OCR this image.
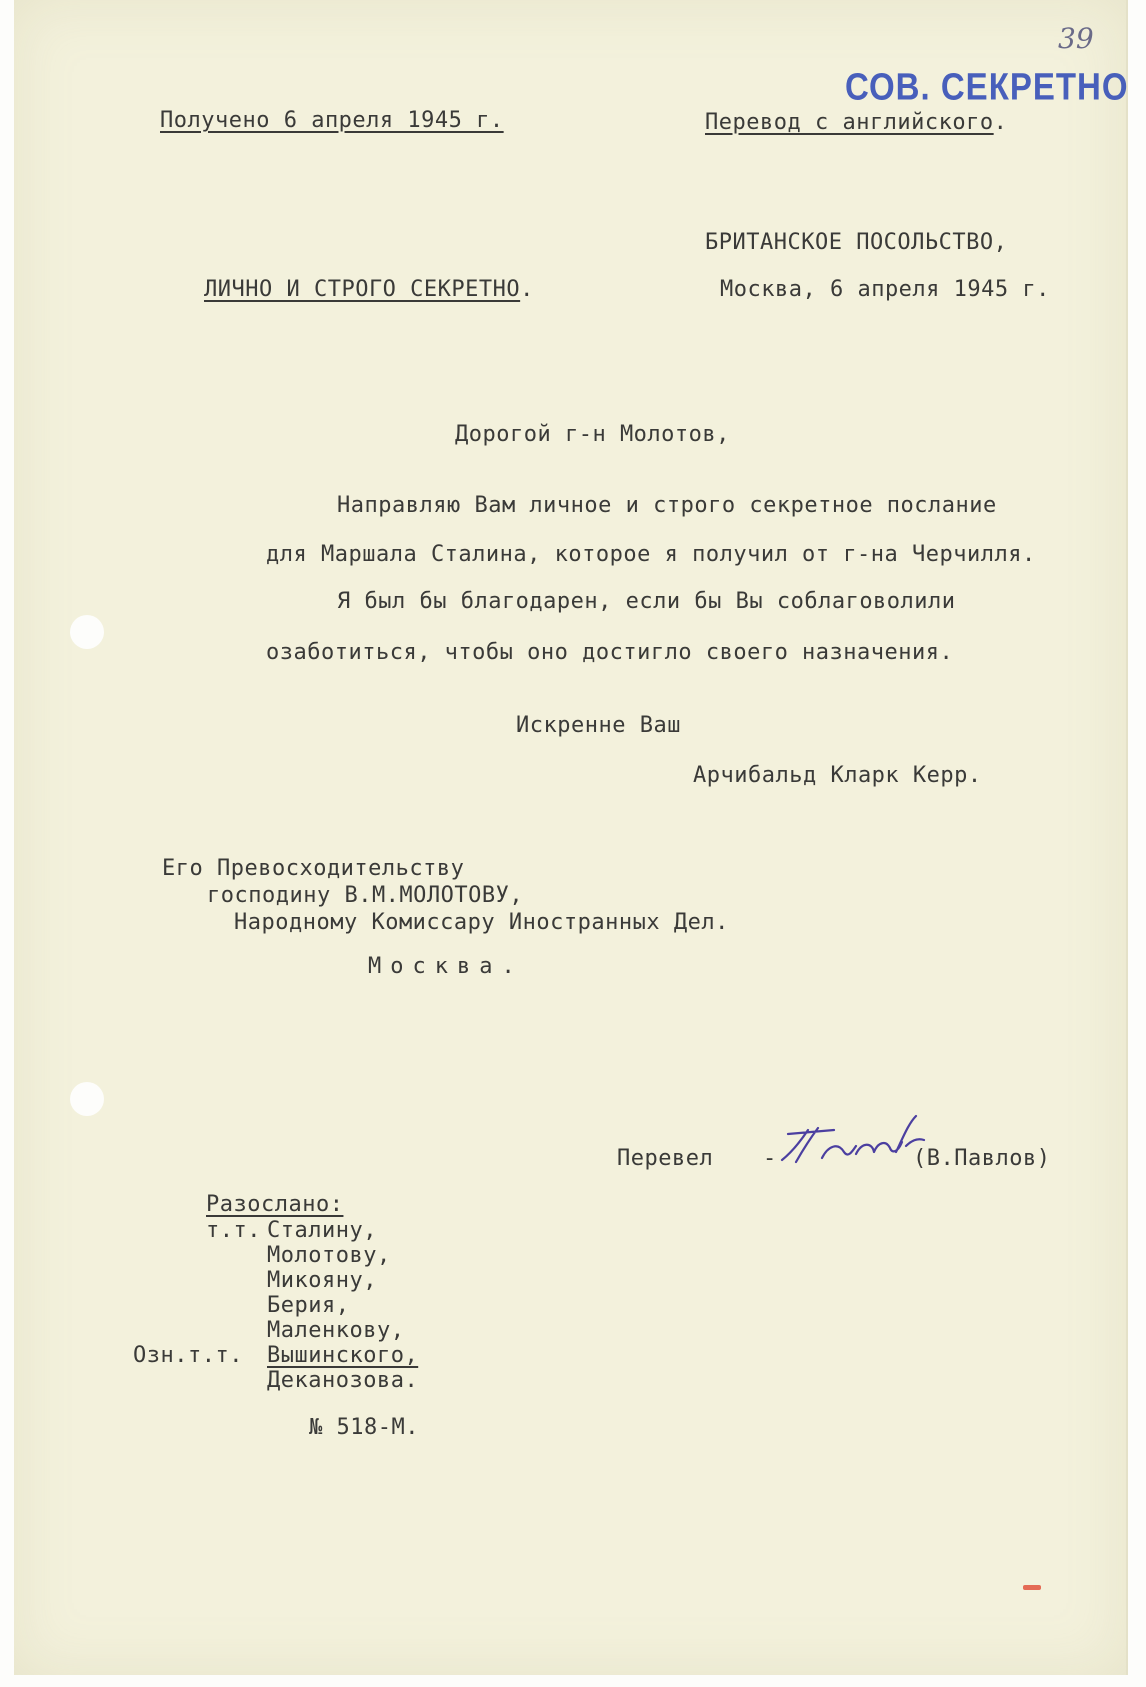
39
СОВ. СЕКРЕТНО
Получено 6 апреля 1945 г.	Перевод с английского.
БРИТАНСКОЕ ПОСОЛЬСТВО,
ЛИЧНО И СТРОГО СЕКРЕТНО.	Москва, 6 апреля 1945 г.
Дорогой г-н Молотов,
Направляю Вам личное и строго секретное послание
для Маршала Сталина, которое я получил от г-на Черчилля.
Я был бы благодарен, если бы Вы соблаговолили
озаботиться, чтобы оно достигло своего назначения.
Искренне Ваш
Арчибальд Кларк Керр.
Его Превосходительству
господину В.М.МОЛОТОВУ,
Народному Комиссару Иностранных Дел.
Москва.
Перевел -	(В.Павлов)
Разослано:
т.т. Сталину,
Молотову,
Микояну,
Берия,
Маленкову,
Озн.т.т. Вышинского,
Деканозова.
№ 518-М.
